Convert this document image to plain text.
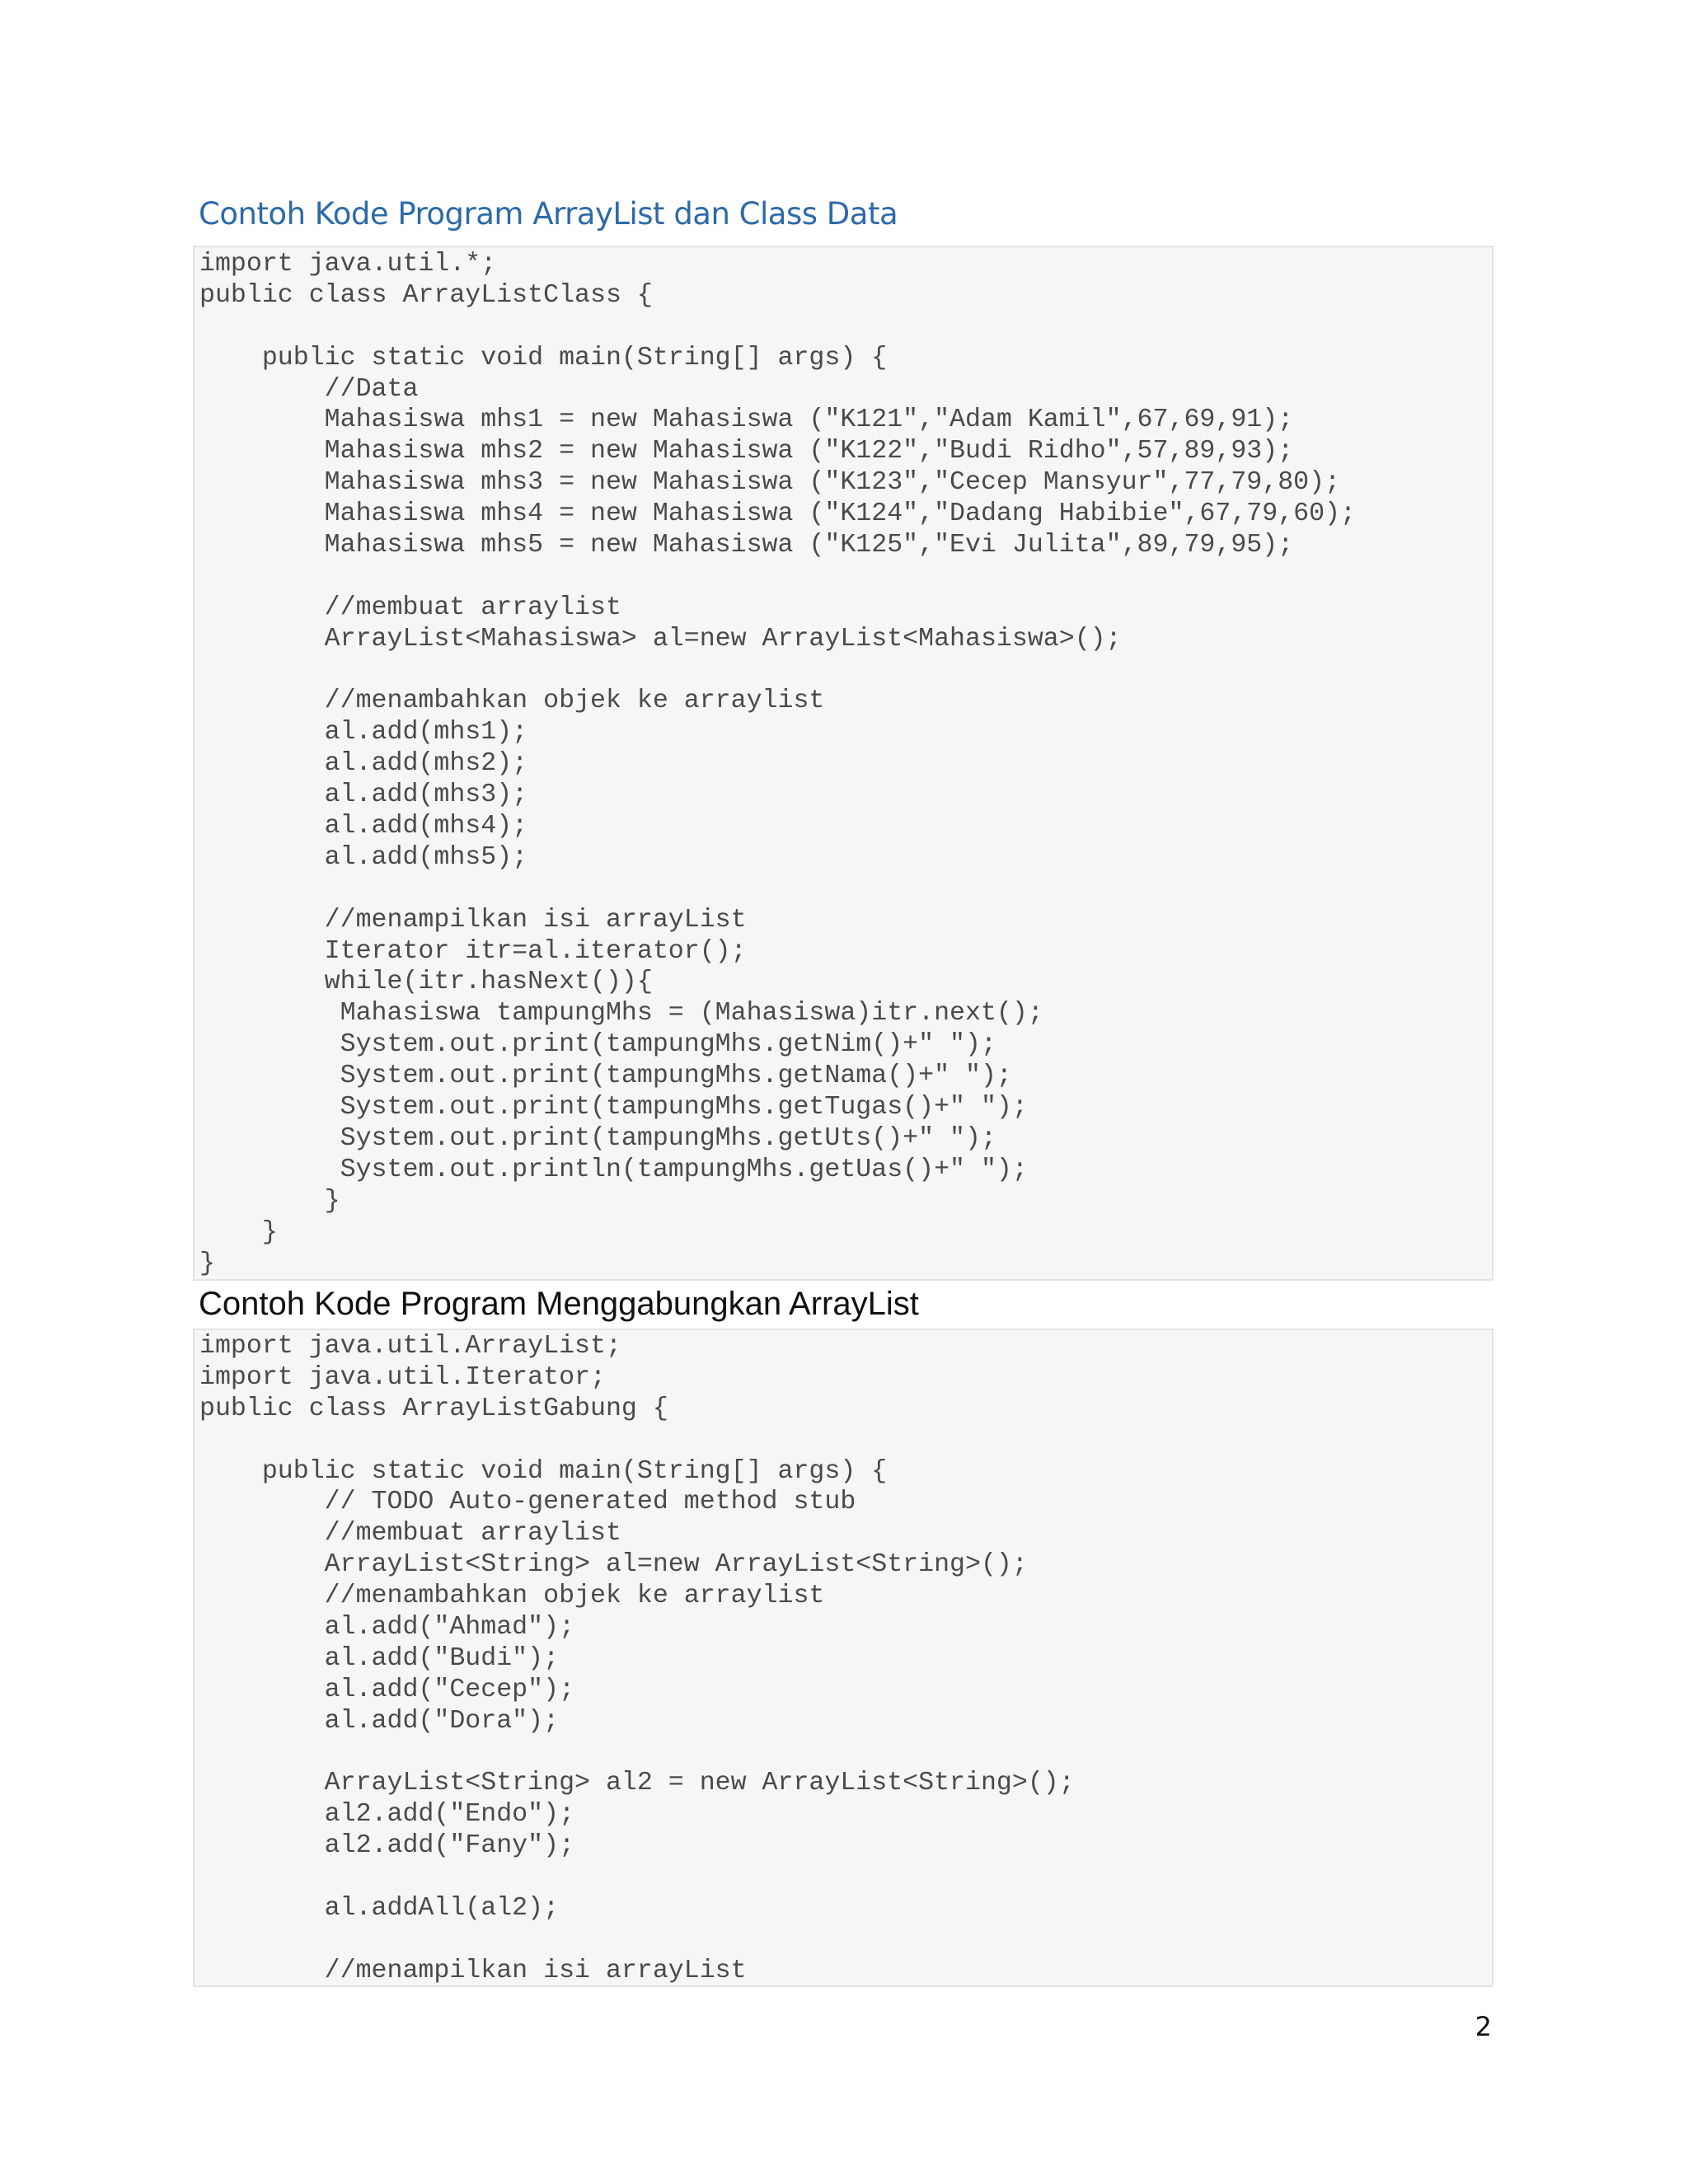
Contoh Kode Program ArrayList dan Class Data
import java.util.*;
public class ArrayListClass {
public static void main(String[] args) {
//Data
Mahasiswa mhs1 = new Mahasiswa ("K121","Adam Kamil",67,69,91);
Mahasiswa mhs2 = new Mahasiswa ("K122","Budi Ridho",57,89,93);
Mahasiswa mhs3 = new Mahasiswa ("K123","Cecep Mansyur",77,79,80);
Mahasiswa mhs4 = new Mahasiswa ("K124","Dadang Habibie",67,79,60);
Mahasiswa mhs5 = new Mahasiswa ("K125","Evi Julita",89,79,95);
//membuat arraylist
ArrayList<Mahasiswa> al=new ArrayList<Mahasiswa>();
//menambahkan objek ke arraylist
al.add(mhs1);
al.add(mhs2);
al.add(mhs3);
al.add(mhs4);
al.add(mhs5);
//menampilkan isi arrayList
Iterator itr=al.iterator();
while(itr.hasNext()){
Mahasiswa tampungMhs = (Mahasiswa)itr.next();
System.out.print(tampungMhs.getNim()+" ");
System.out.print(tampungMhs.getNama()+" ");
System.out.print(tampungMhs.getTugas()+" ");
System.out.print(tampungMhs.getUts()+" ");
System.out.println(tampungMhs.getUas()+" ");
}
}
}
Contoh Kode Program Menggabungkan ArrayList
import java.util.ArrayList;
import java.util.Iterator;
public class ArrayListGabung {
public static void main(String[] args) {
// TODO Auto-generated method stub
//membuat arraylist
ArrayList<String> al=new ArrayList<String>();
//menambahkan objek ke arraylist
al.add("Ahmad");
al.add("Budi");
al.add("Cecep");
al.add("Dora");
ArrayList<String> al2 = new ArrayList<String>();
al2.add("Endo");
al2.add("Fany");
al.addAll(al2);
//menampilkan isi arrayList
2
